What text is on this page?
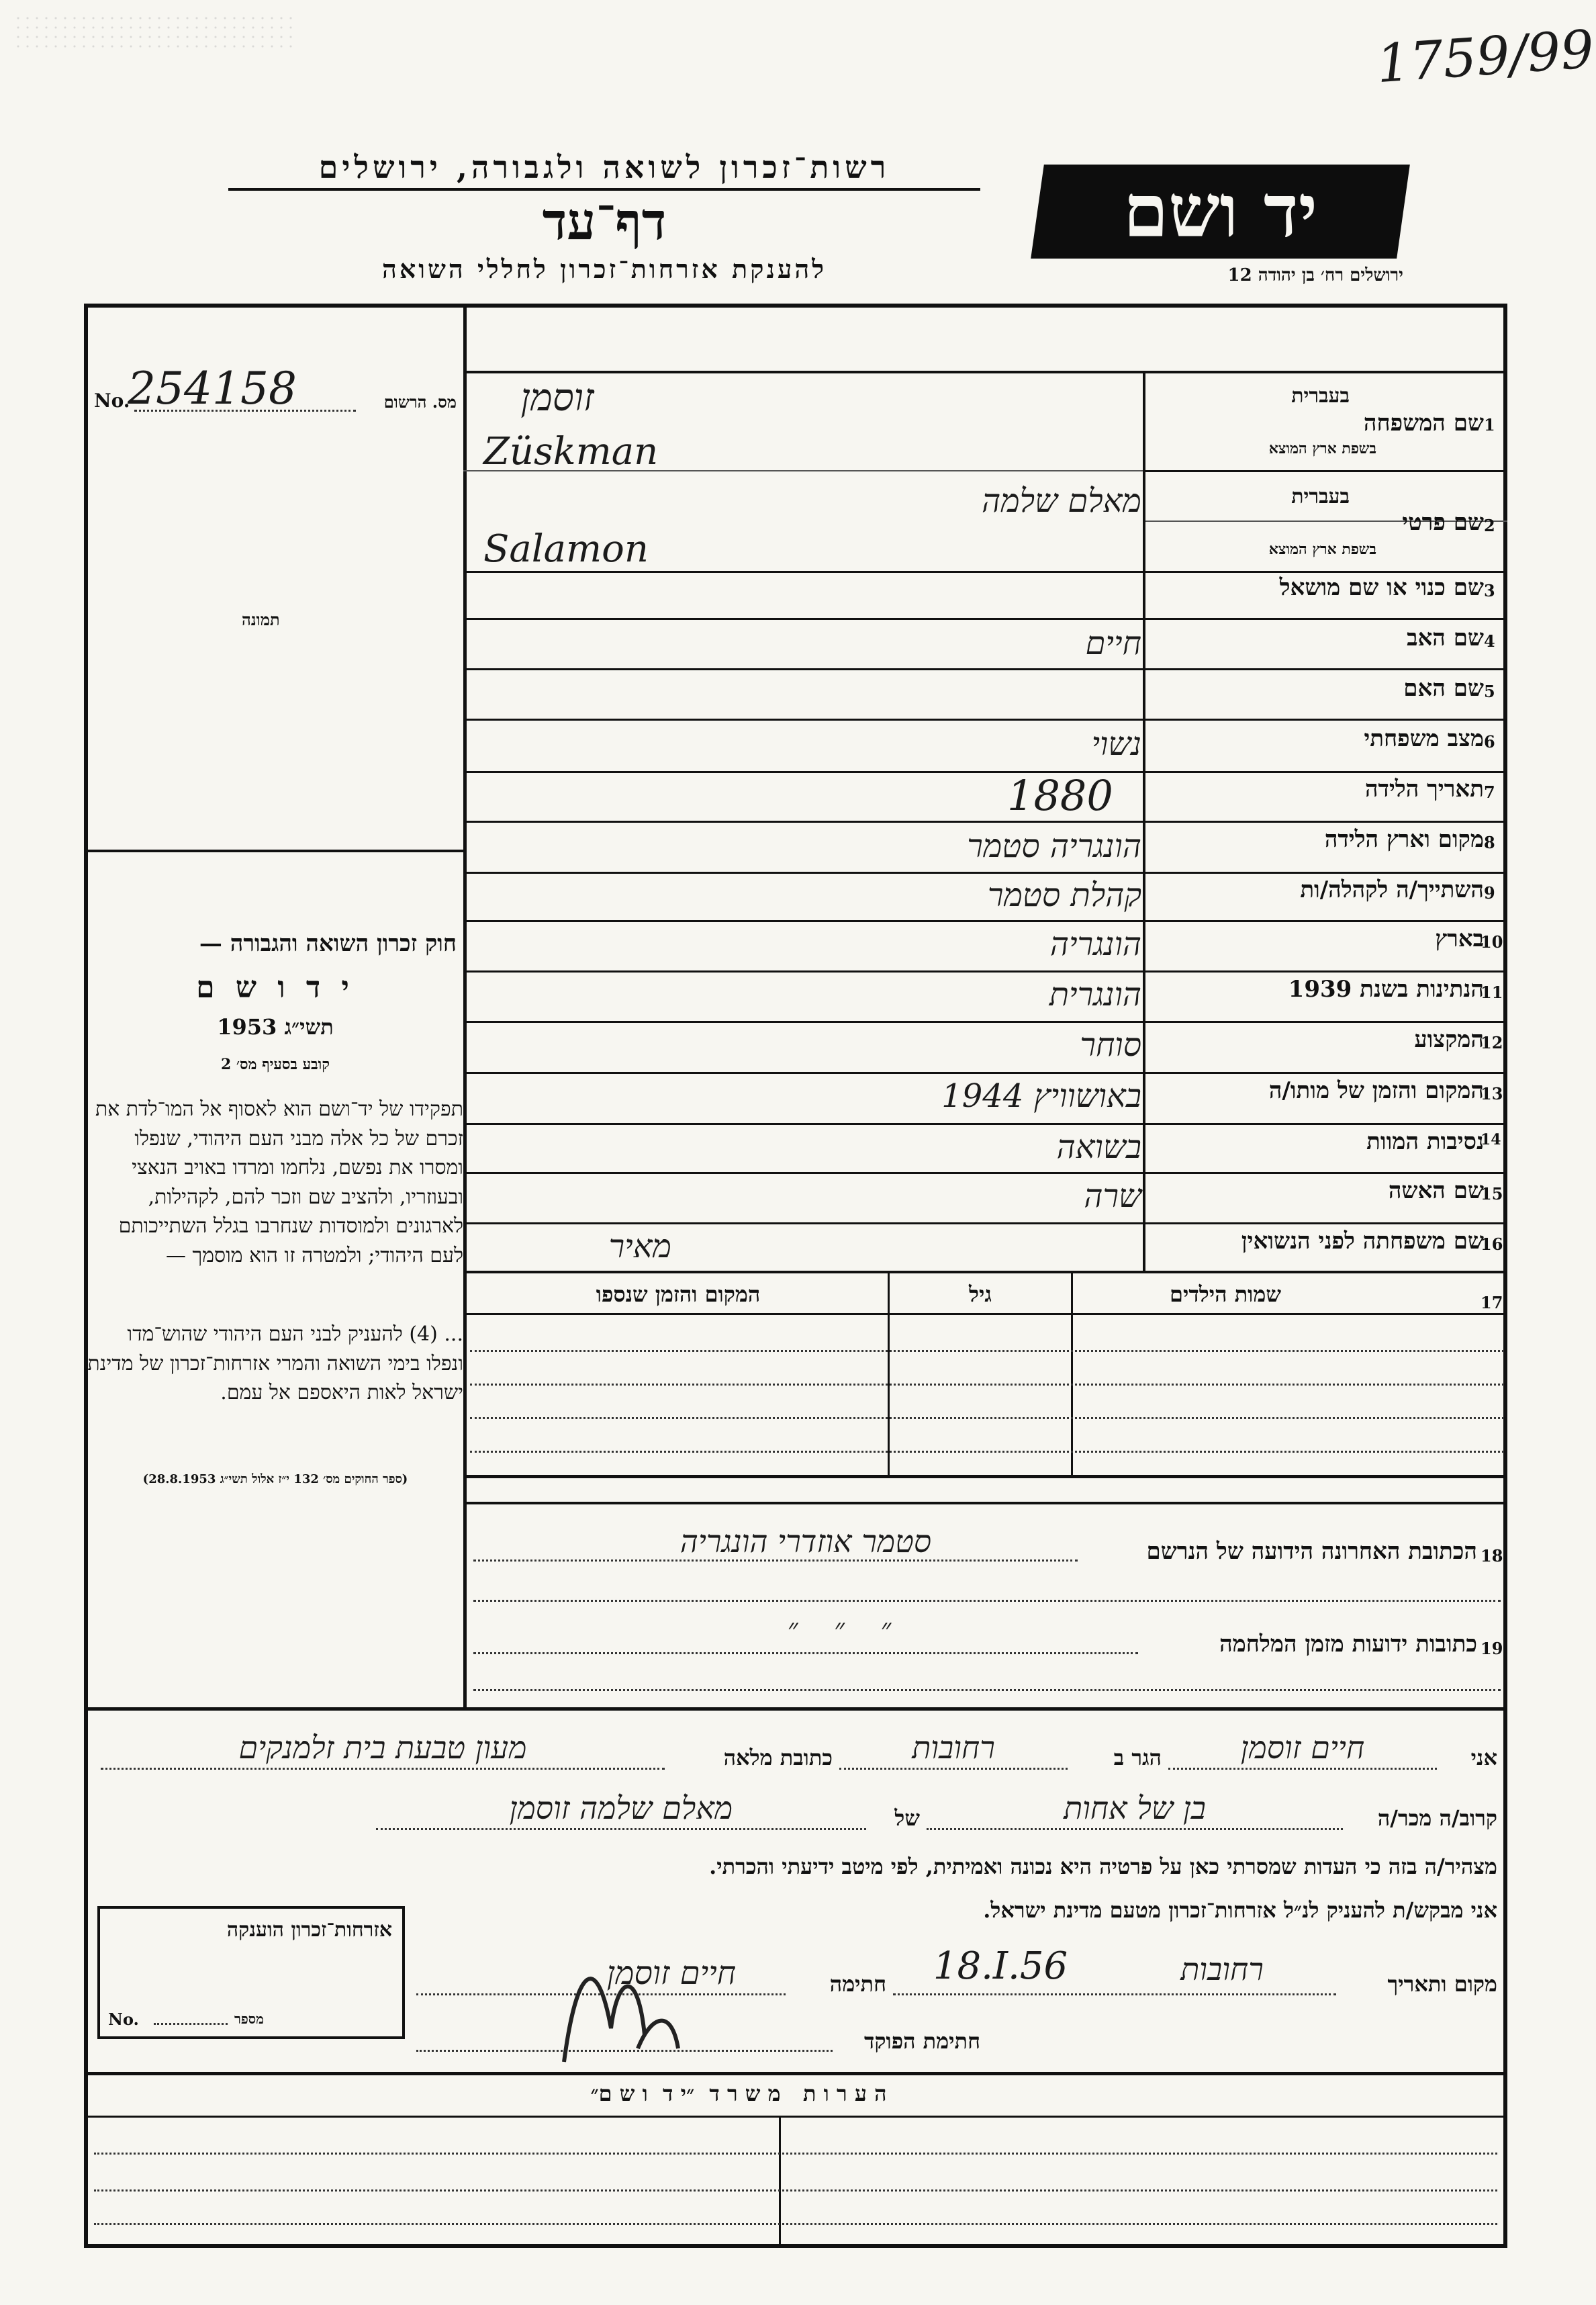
1759/99
רשות־זכרון לשואה ולגבורה, ירושלים
דף־עד
להענקת אזרחות־זכרון לחללי השואה
יד ושם
ירושלים רח׳ בן יהודה 12
No.
254158	מס. הרשום
תמונה
בעברית
שם המשפחה 1
בשפת ארץ המוצא
זוסמן
Züskman
בעברית
שם פרטי 2
בשפת ארץ המוצא
מאלם שלמה
Salamon
שם כנוי או שם מושאל 3
שם האב 4
חיים
שם האם 5
מצב משפחתי 6
נשוי
תאריך הלידה 7
1880
מקום וארץ הלידה 8
הונגריה סטמר
השתייך/ה לקהלה/ות 9
קהלת סטמר
בארץ
10
הונגריה
הנתינות בשנת 1939
11
הונגרית
המקצוע
12
סוחר
המקום והזמן של מותו/ה
13
באושוויץ 1944
נסיבות המוות
14
בשואה
שם האשה
15
שרה
שם משפחתה לפני הנשואין
16
מאיר
17
שמות הילדים
גיל
המקום והזמן שנספו
חוק זכרון השואה והגבורה —
י ד ו ש ם
תשי״ג 1953
קובע בסעיף מס׳ 2
תפקידו של יד־ושם הוא לאסוף אל המו־לדת את זכרם של כל אלה מבני העם היהודי, שנפלו ומסרו את נפשם, נלחמו ומרדו באויב הנאצי ובעוזריו, ולהציב שם וזכר להם, לקהילות, לארגונים ולמוסדות שנחרבו בגלל השתייכותם לעם היהודי; ולמטרה זו הוא מוסמך —
... (4) להעניק לבני העם היהודי שהוש־מדו ונפלו בימי השואה והמרי אזרחות־זכרון של מדינת ישראל לאות היאספם אל עמם.
(ספר החוקים מס׳ 132 י״ז אלול תשי״ג 28.8.1953)
18
הכתובת האחרונה הידועה של הנרשם
סטמר אוזדרי הונגריה
19
כתובות ידועות מזמן המלחמה
״    ״    ״
אני
חיים זוסמן
הגר ב
רחובות
כתובת מלאה
מעון טבעת בית זלמנקים
קרוב/ה מכר/ה
בן של אחות
של
מאלם שלמה זוסמן
מצהיר/ה בזה כי העדות שמסרתי כאן על פרטיה היא נכונה ואמיתית, לפי מיטב ידיעתי והכרתי.
אני מבקש/ת להעניק לנ״ל אזרחות־זכרון מטעם מדינת ישראל.
אזרחות־זכרון הוענקה
No.	מספר
מקום ותאריך
רחובות
18.I.56
חתימה
חיים זוסמן
חתימת הפוקד
ה ע ר ו ת   מ ש ר ד  ״י ד  ו ש ם״
